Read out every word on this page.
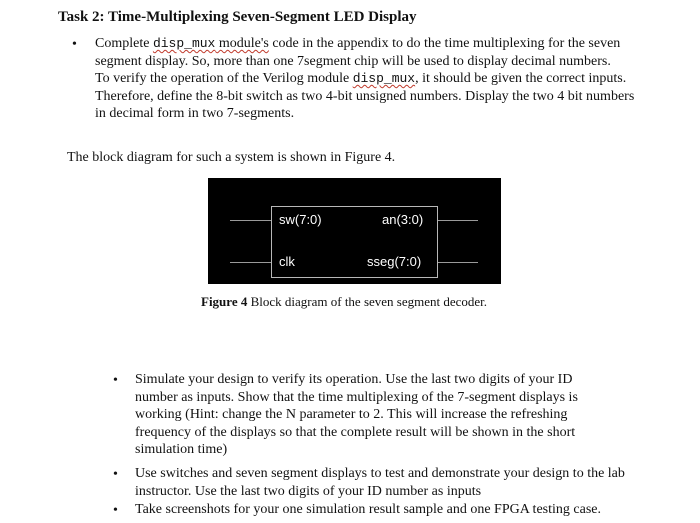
Task 2: Time-Multiplexing Seven-Segment LED Display
• Complete disp_mux module's code in the appendix to do the time multiplexing for the seven segment display. So, more than one 7segment chip will be used to display decimal numbers.

To verify the operation of the Verilog module disp_mux, it should be given the correct inputs. Therefore, define the 8-bit switch as two 4-bit unsigned numbers. Display the two 4 bit numbers in decimal form in two 7-segments.

The block diagram for such a system is shown in Figure 4.
sw(7:0)
clk
an(3:0)
sseg(7:0)
Figure 4 Block diagram of the seven segment decoder.
• Simulate your design to verify its operation. Use the last two digits of your ID number as inputs. Show that the time multiplexing of the 7-segment displays is working (Hint: change the N parameter to 2. This will increase the refreshing frequency of the displays so that the complete result will be shown in the short simulation time)
• Use switches and seven segment displays to test and demonstrate your design to the lab instructor. Use the last two digits of your ID number as inputs
• Take screenshots for your one simulation result sample and one FPGA testing case.
